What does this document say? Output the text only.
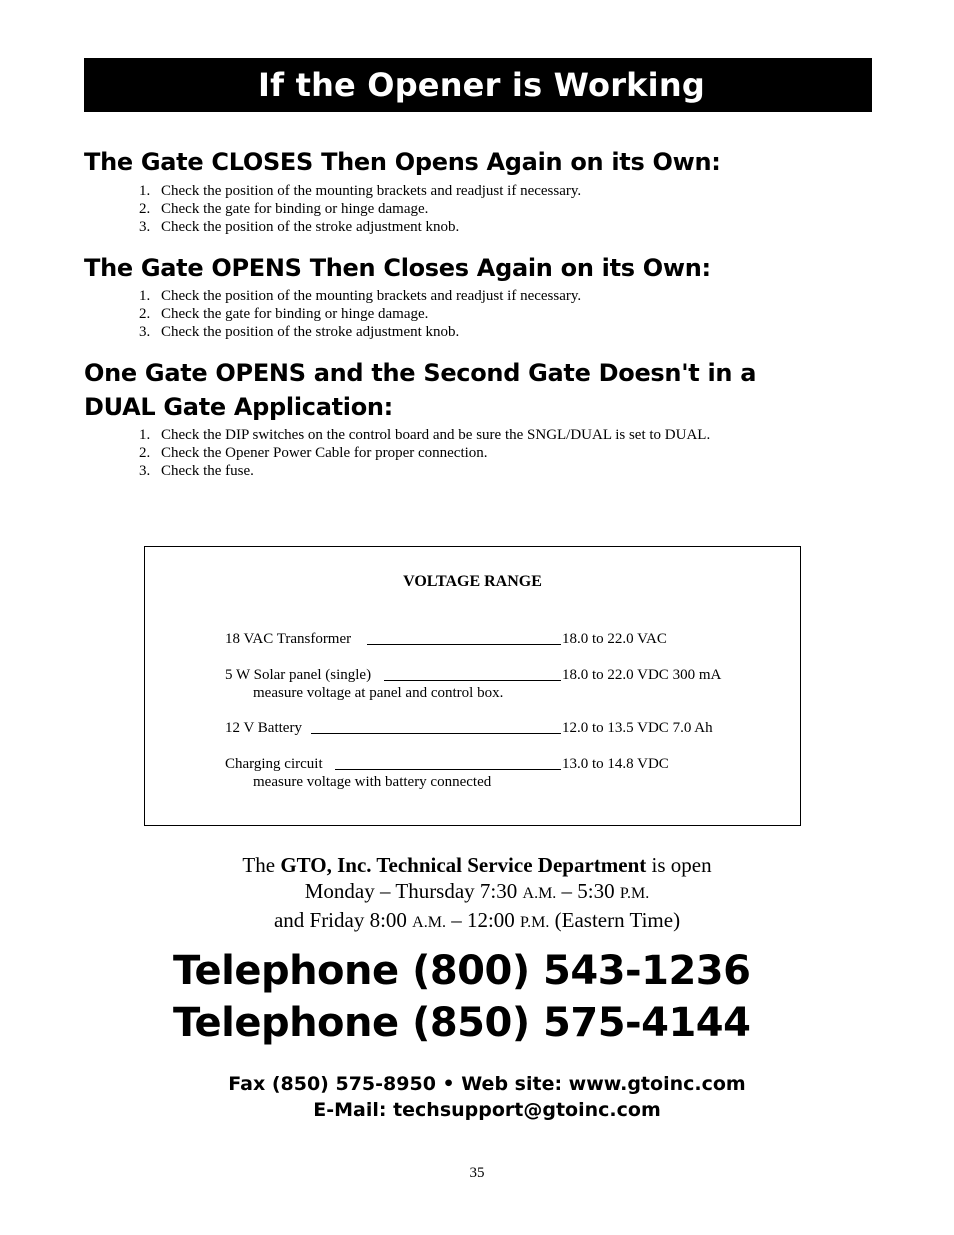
If the Opener is Working
The Gate CLOSES Then Opens Again on its Own:
1. Check the position of the mounting brackets and readjust if necessary.
2. Check the gate for binding or hinge damage.
3. Check the position of the stroke adjustment knob.
The Gate OPENS Then Closes Again on its Own:
1. Check the position of the mounting brackets and readjust if necessary.
2. Check the gate for binding or hinge damage.
3. Check the position of the stroke adjustment knob.
One Gate OPENS and the Second Gate Doesn't in a
DUAL Gate Application:
1. Check the DIP switches on the control board and be sure the SNGL/DUAL is set to DUAL.
2. Check the Opener Power Cable for proper connection.
3. Check the fuse.
VOLTAGE RANGE
18 VAC Transformer	18.0 to 22.0 VAC
5 W Solar panel (single)	18.0 to 22.0 VDC 300 mA
measure voltage at panel and control box.
12 V Battery	12.0 to 13.5 VDC 7.0 Ah
Charging circuit	13.0 to 14.8 VDC
measure voltage with battery connected
The GTO, Inc. Technical Service Department is open
Monday – Thursday 7:30 A.M. – 5:30 P.M.
and Friday 8:00 A.M. – 12:00 P.M. (Eastern Time)
Telephone (800) 543-1236
Telephone (850) 575-4144
Fax (850) 575-8950 • Web site: www.gtoinc.com
E-Mail: techsupport@gtoinc.com
35
